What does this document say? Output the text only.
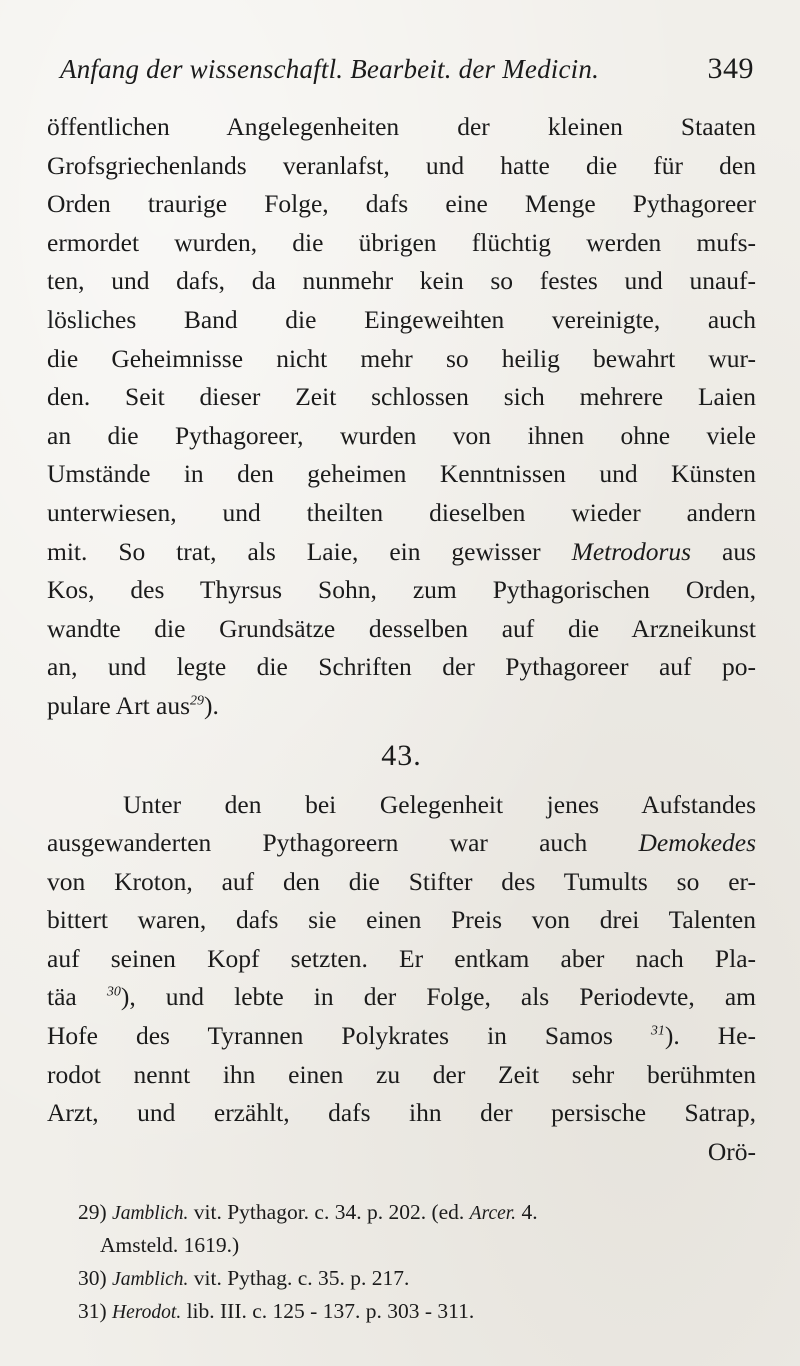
Anfang der wissenschaftl. Bearbeit. der Medicin.	349
öffentlichen Angelegenheiten der kleinen Staaten
Grofsgriechenlands veranlafst, und hatte die für den
Orden traurige Folge, dafs eine Menge Pythagoreer
ermordet wurden, die übrigen flüchtig werden mufs-
ten, und dafs, da nunmehr kein so festes und unauf-
lösliches Band die Eingeweihten vereinigte, auch
die Geheimnisse nicht mehr so heilig bewahrt wur-
den. Seit dieser Zeit schlossen sich mehrere Laien
an die Pythagoreer, wurden von ihnen ohne viele
Umstände in den geheimen Kenntnissen und Künsten
unterwiesen, und theilten dieselben wieder andern
mit. So trat, als Laie, ein gewisser Metrodorus aus
Kos, des Thyrsus Sohn, zum Pythagorischen Orden,
wandte die Grundsätze desselben auf die Arzneikunst
an, und legte die Schriften der Pythagoreer auf po-
pulare Art aus$^{29}$).
43.
Unter den bei Gelegenheit jenes Aufstandes
ausgewanderten Pythagoreern war auch Demokedes
von Kroton, auf den die Stifter des Tumults so er-
bittert waren, dafs sie einen Preis von drei Talenten
auf seinen Kopf setzten. Er entkam aber nach Pla-
täa $^{30}$), und lebte in der Folge, als Periodevte, am
Hofe des Tyrannen Polykrates in Samos	$^{31}$). He-
rodot nennt ihn einen zu der Zeit sehr berühmten
Arzt, und erzählt, dafs ihn der persische Satrap,
Orö-
29) Jamblich. vit. Pythagor. c. 34. p. 202. (ed. Arcer. 4.
Amsteld. 1619.)
30) Jamblich. vit. Pythag. c. 35. p. 217.
31) Herodot. lib. III. c. 125 - 137. p. 303 - 311.
